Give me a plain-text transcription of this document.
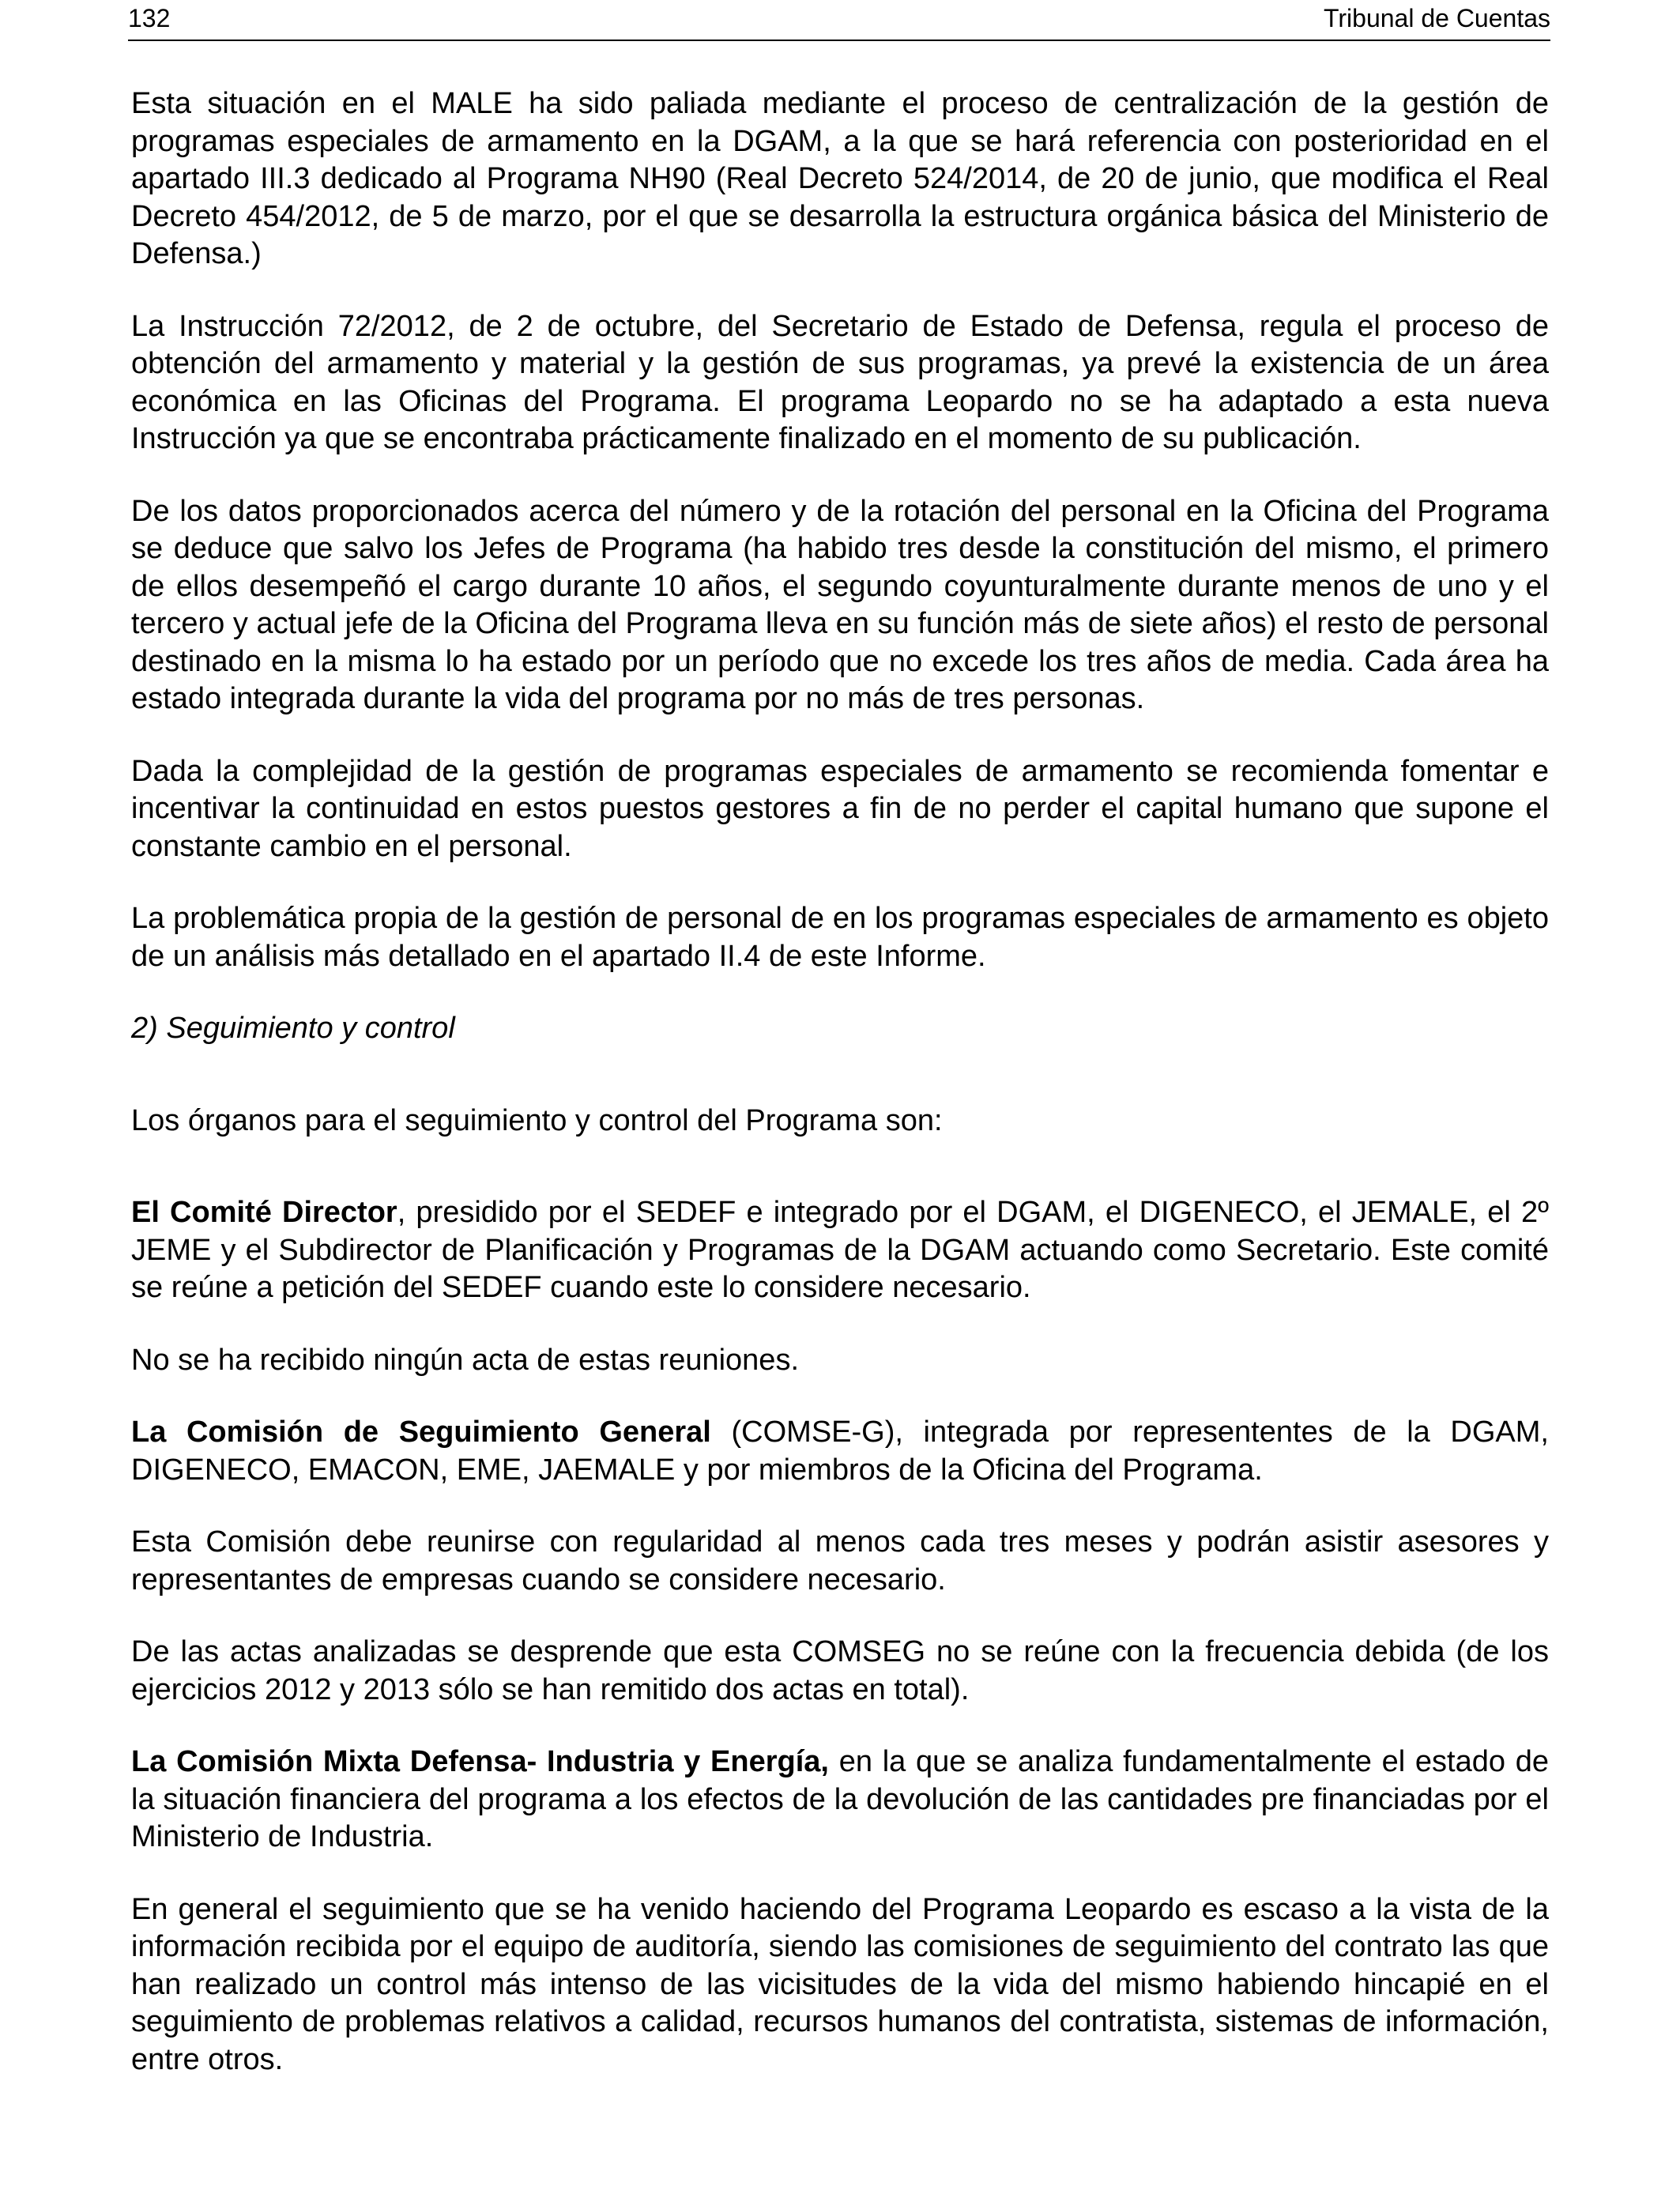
132	Tribunal de Cuentas

Esta situación en el MALE ha sido paliada mediante el proceso de centralización de la gestión de programas especiales de armamento en la DGAM, a la que se hará referencia con posterioridad en el apartado III.3 dedicado al Programa NH90 (Real Decreto 524/2014, de 20 de junio, que modifica el Real Decreto 454/2012, de 5 de marzo, por el que se desarrolla la estructura orgánica básica del Ministerio de Defensa.)

La Instrucción 72/2012, de 2 de octubre, del Secretario de Estado de Defensa, regula el proceso de obtención del armamento y material y la gestión de sus programas, ya prevé la existencia de un área económica en las Oficinas del Programa. El programa Leopardo no se ha adaptado a esta nueva Instrucción ya que se encontraba prácticamente finalizado en el momento de su publicación.

De los datos proporcionados acerca del número y de la rotación del personal en la Oficina del Programa se deduce que salvo los Jefes de Programa (ha habido tres desde la constitución del mismo, el primero de ellos desempeñó el cargo durante 10 años, el segundo coyunturalmente durante menos de uno y el tercero y actual jefe de la Oficina del Programa lleva en su función más de siete años) el resto de personal destinado en la misma lo ha estado por un período que no excede los tres años de media. Cada área ha estado integrada durante la vida del programa por no más de tres personas.

Dada la complejidad de la gestión de programas especiales de armamento se recomienda fomentar e incentivar la continuidad en estos puestos gestores a fin de no perder el capital humano que supone el constante cambio en el personal.

La problemática propia de la gestión de personal de en los programas especiales de armamento es objeto de un análisis más detallado en el apartado II.4 de este Informe.

2) Seguimiento y control

Los órganos para el seguimiento y control del Programa son:

El Comité Director, presidido por el SEDEF e integrado por el DGAM, el DIGENECO, el JEMALE, el 2º JEME y el Subdirector de Planificación y Programas de la DGAM actuando como Secretario. Este comité se reúne a petición del SEDEF cuando este lo considere necesario.

No se ha recibido ningún acta de estas reuniones.

La Comisión de Seguimiento General (COMSE-G), integrada por represententes de la DGAM, DIGENECO, EMACON, EME, JAEMALE y por miembros de la Oficina del Programa.

Esta Comisión debe reunirse con regularidad al menos cada tres meses y podrán asistir asesores y representantes de empresas cuando se considere necesario.

De las actas analizadas se desprende que esta COMSEG no se reúne con la frecuencia debida (de los ejercicios 2012 y 2013 sólo se han remitido dos actas en total).

La Comisión Mixta Defensa- Industria y Energía, en la que se analiza fundamentalmente el estado de la situación financiera del programa a los efectos de la devolución de las cantidades pre financiadas por el Ministerio de Industria.

En general el seguimiento que se ha venido haciendo del Programa Leopardo es escaso a la vista de la información recibida por el equipo de auditoría, siendo las comisiones de seguimiento del contrato las que han realizado un control más intenso de las vicisitudes de la vida del mismo habiendo hincapié en el seguimiento de problemas relativos a calidad, recursos humanos del contratista, sistemas de información, entre otros.
